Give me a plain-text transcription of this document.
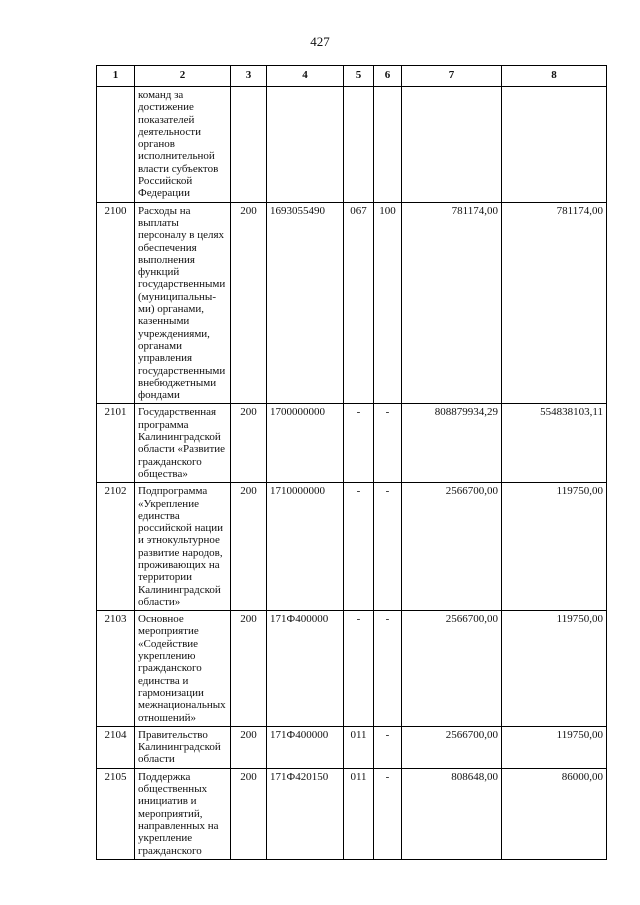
427
1	2	3	4	5	6	7	8
	команд за достижение показателей деятельности органов исполнительной власти субъектов Российской Федерации						
2100	Расходы на выплаты персоналу в целях обеспечения выполнения функций государственными (муниципальны-ми) органами, казенными учреждениями, органами управления государственными внебюджетными фондами	200	1693055490	067	100	781174,00	781174,00
2101	Государственная программа Калининградской области «Развитие гражданского общества»	200	1700000000	-	-	808879934,29	554838103,11
2102	Подпрограмма «Укрепление единства российской нации и этнокультурное развитие народов, проживающих на территории Калининградской области»	200	1710000000	-	-	2566700,00	119750,00
2103	Основное мероприятие «Содействие укреплению гражданского единства и гармонизации межнациональных отношений»	200	171Ф400000	-	-	2566700,00	119750,00
2104	Правительство Калининградской области	200	171Ф400000	011	-	2566700,00	119750,00
2105	Поддержка общественных инициатив и мероприятий, направленных на укрепление гражданского	200	171Ф420150	011	-	808648,00	86000,00
